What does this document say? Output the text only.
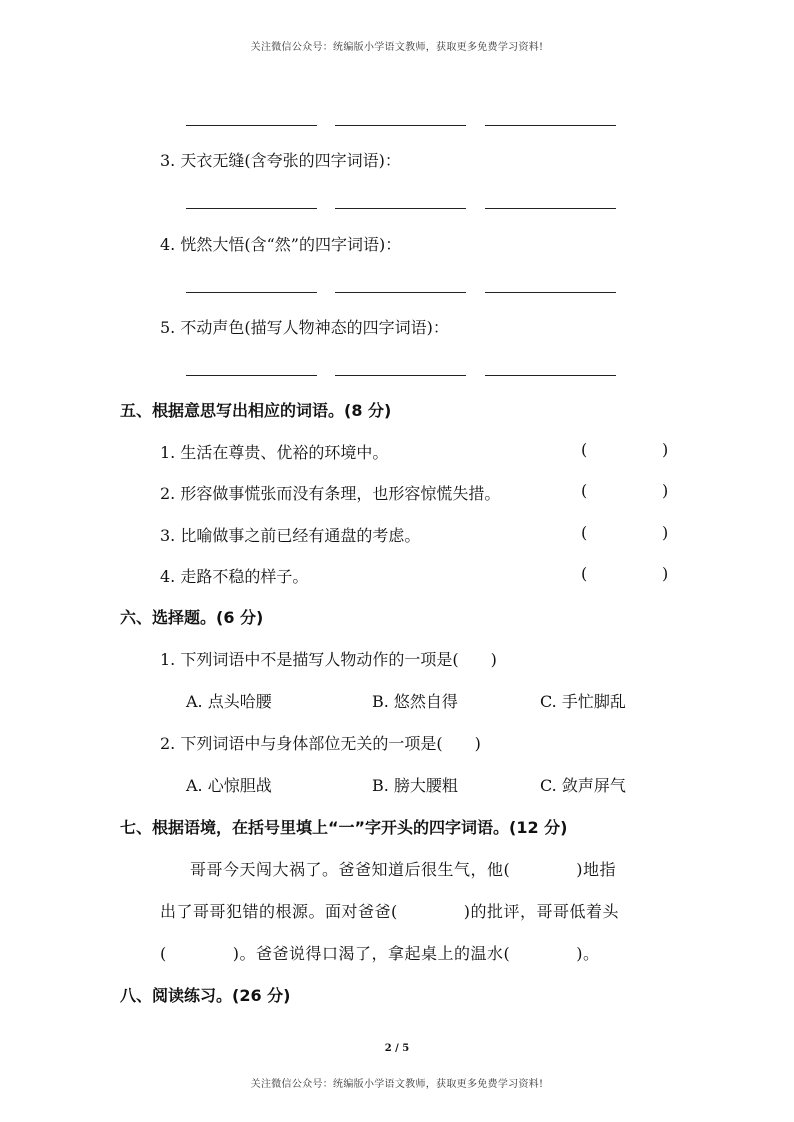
关注微信公众号：统编版小学语文教师，获取更多免费学习资料!
3. 天衣无缝(含夸张的四字词语)：
4. 恍然大悟(含“然”的四字词语)：
5. 不动声色(描写人物神态的四字词语)：
五、根据意思写出相应的词语。(8 分)
1. 生活在尊贵、优裕的环境中。	(	)
2. 形容做事慌张而没有条理，也形容惊慌失措。	(	)
3. 比喻做事之前已经有通盘的考虑。	(	)
4. 走路不稳的样子。	(	)
六、选择题。(6 分)
1. 下列词语中不是描写人物动作的一项是(　　)
A. 点头哈腰	B. 悠然自得	C. 手忙脚乱
2. 下列词语中与身体部位无关的一项是(　　)
A. 心惊胆战	B. 膀大腰粗	C. 敛声屏气
七、根据语境，在括号里填上“一”字开头的四字词语。(12 分)
哥哥今天闯大祸了。爸爸知道后很生气，他(　　　　)地指
出了哥哥犯错的根源。面对爸爸(　　　　)的批评，哥哥低着头
(　　　　)。爸爸说得口渴了，拿起桌上的温水(　　　　)。
八、阅读练习。(26 分)
2 / 5
关注微信公众号：统编版小学语文教师，获取更多免费学习资料!
